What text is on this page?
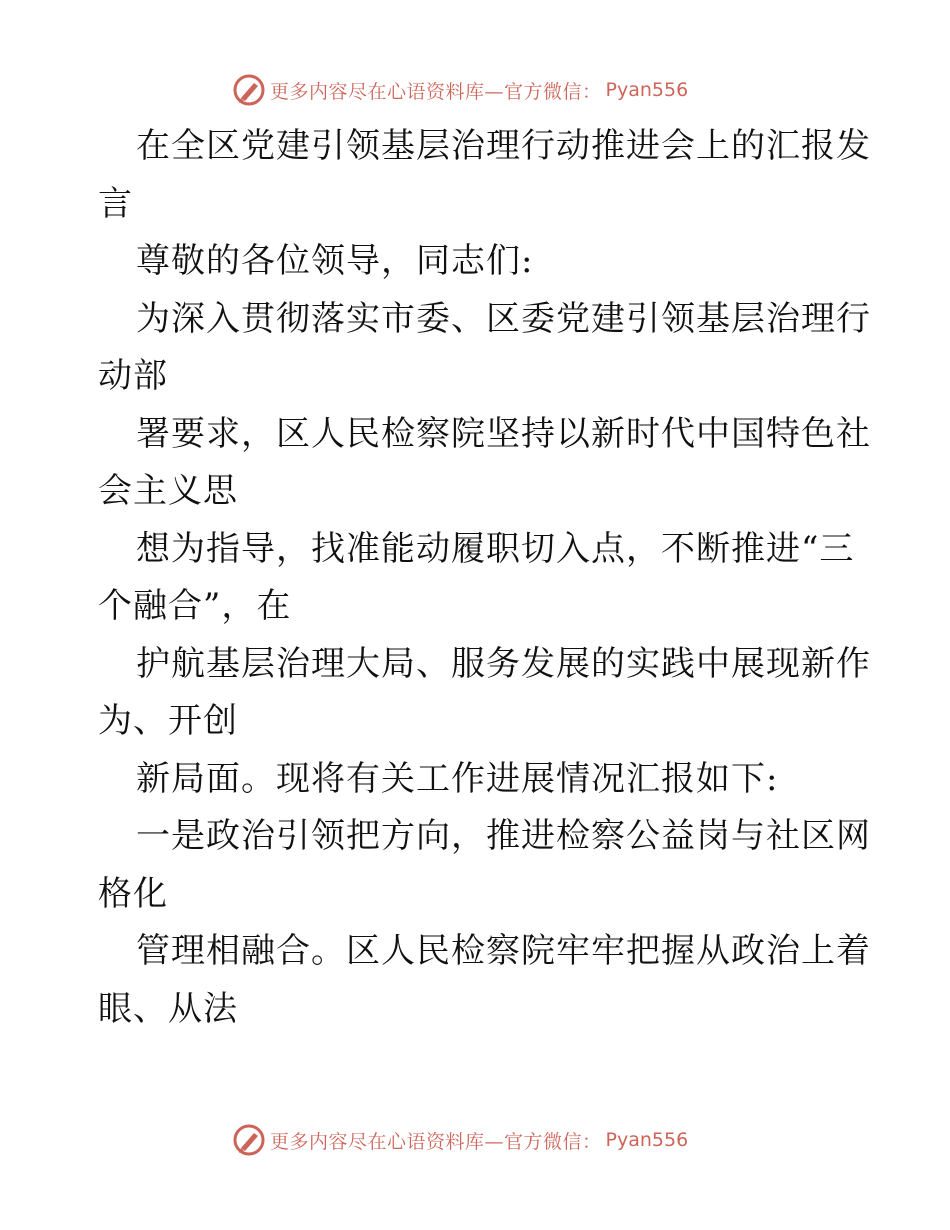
更多内容尽在心语资料库—官方微信： Pyan556
在全区党建引领基层治理行动推进会上的汇报发
言
尊敬的各位领导，同志们:
为深入贯彻落实市委、区委党建引领基层治理行
动部
署要求，区人民检察院坚持以新时代中国特色社
会主义思
想为指导，找准能动履职切入点，不断推进“三
个融合”，在
护航基层治理大局、服务发展的实践中展现新作
为、开创
新局面。现将有关工作进展情况汇报如下:
一是政治引领把方向，推进检察公益岗与社区网
格化
管理相融合。区人民检察院牢牢把握从政治上着
眼、从法
更多内容尽在心语资料库—官方微信： Pyan556
